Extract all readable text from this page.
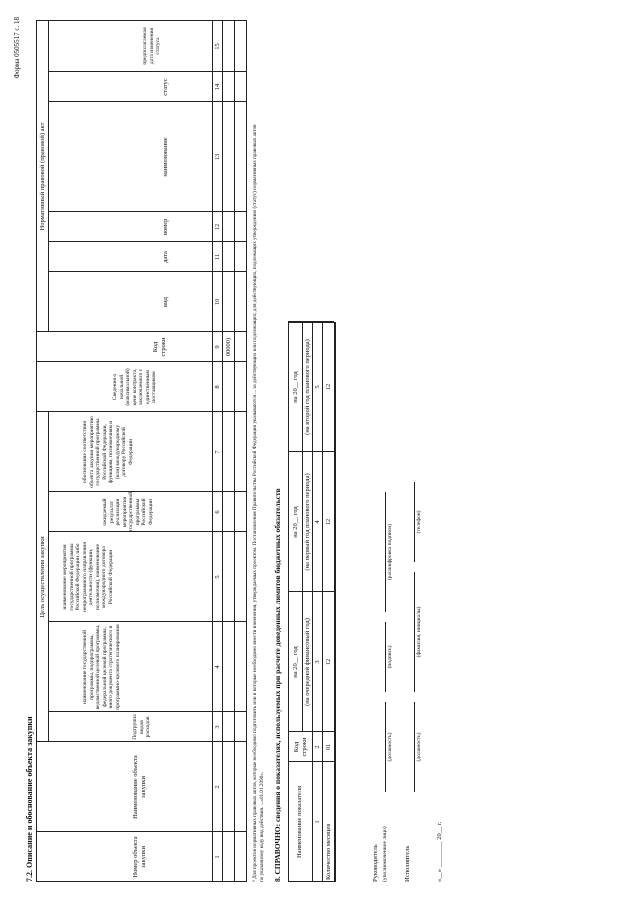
Форма 0505517 с. 18
7.2. Описание и обоснование объекта закупки	Номер объекта закупки
Наименование объекта закупки
Цель осуществления закупки
Подгруппа видов расходов
наименование государственной программы, подпрограммы, ведомственной целевой программы, федеральной целевой программы, иного документа стратегического и программно-целевого планирования
наименование мероприятия государственной программы Российской Федерации либо непрограммного направления деятельности (функции, полномочия), наименование международного договора Российской Федерации
ожидаемый результат реализации мероприятия государственной программы Российской Федерации
обоснование соответствия объекта закупки мероприятию государственной программы Российской Федерации, функциям, полномочиям и (или) международному договору Российской Федерации
Сведения о начальной (максимальной) цене контракта, заключаемого с единственным поставщиком
Код строки
Нормативный правовой (правовой) акт
вид
дата
номер
наименование
статус
предполагаемая дата изменения статуса
1
2
3
4
5
6
7
8
9
10
11
12
13
14
15
00000)	⁸ Для проектов нормативных правовых актов, которые необходимо подготовить или в которые необходимо внести изменения, утверждаемых проектом. Постановления Правительства Российской Федерации указываются ... за действующих или подлежащих; для действующих, подлежащих утверждению (статус) нормативных правовых актов по указанному коду вид действия. ...«01.01.2090». 8. СПРАВОЧНО: сведения о показателях, используемых при расчете доведенных лимитов бюджетных обязательств Наименование показателя
Код строки
на 20__ год (на очередной финансовый год)
на 20__ год (на первый год планового периода)
на 20__ год (на второй год планового периода)
1
2
3
4
5
Количество месяцев
01
12
12
12
Руководитель (уполномоченное лицо)
(должность)
(подпись)
(расшифровка подписи)
Исполнитель
(должность)
(фамилия, инициалы)
(телефон)
«__» ________ 20__ г.
